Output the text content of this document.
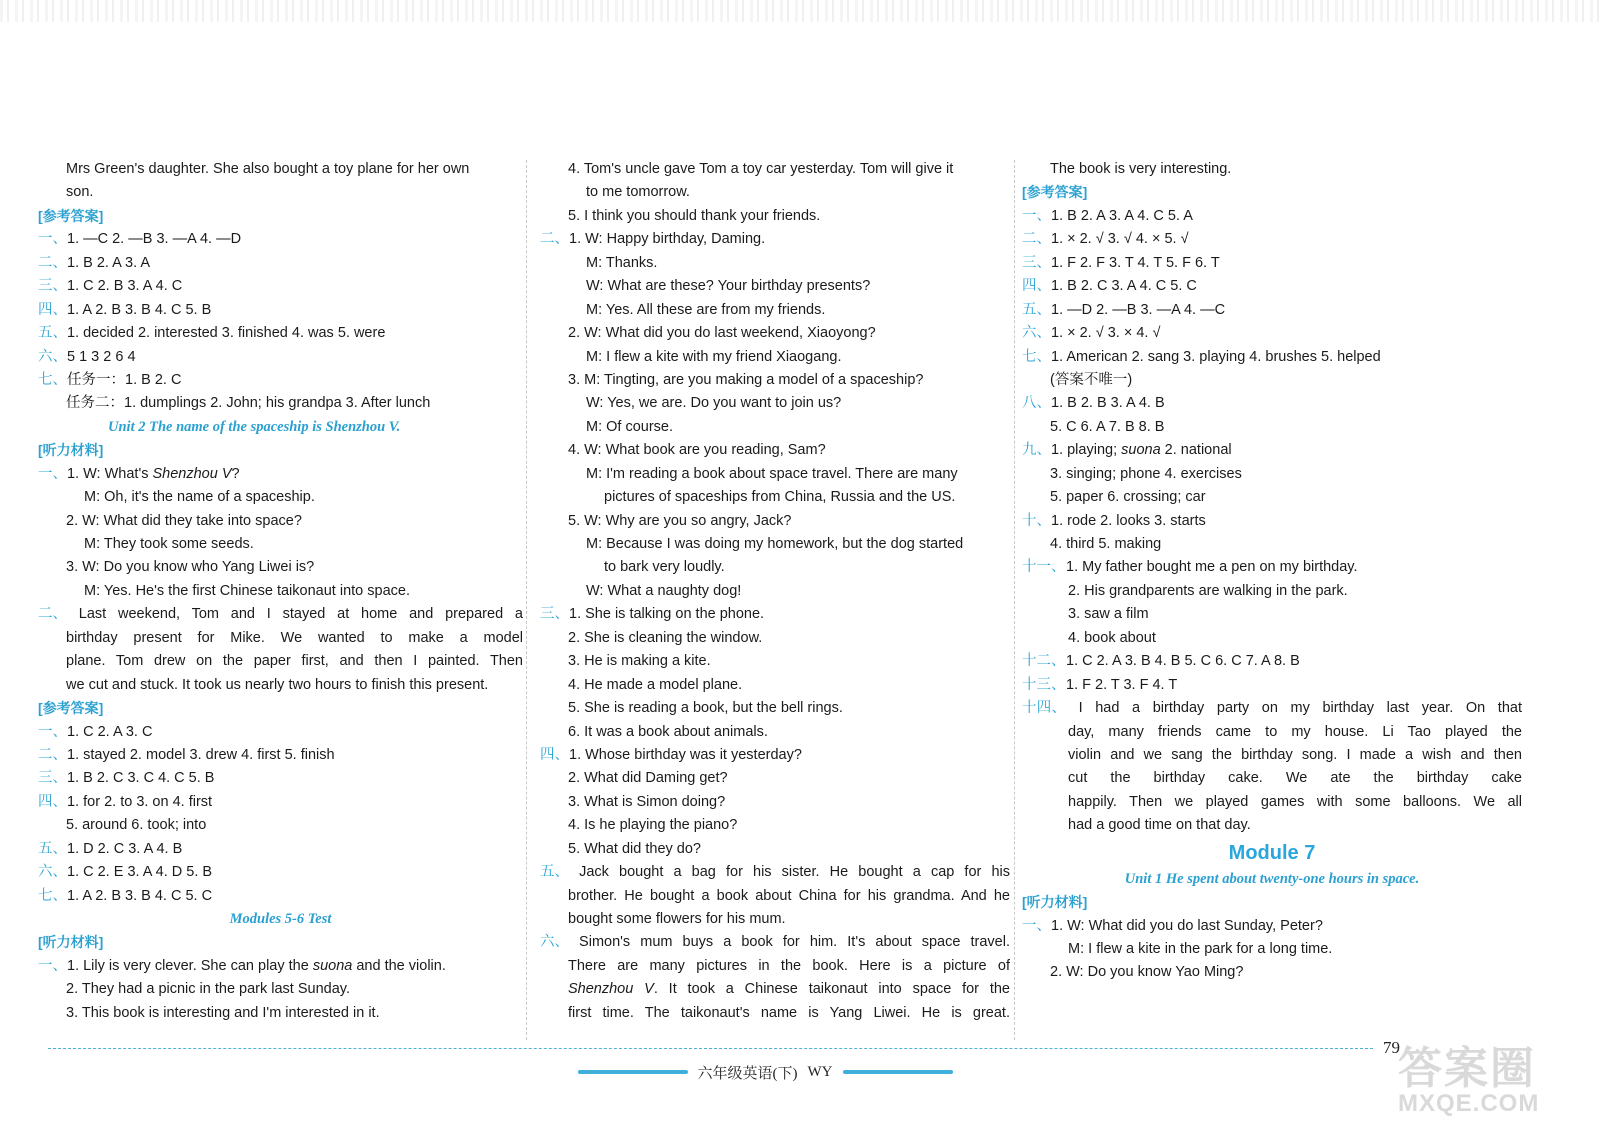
Mrs Green's daughter. She also bought a toy plane for her own
son.
[参考答案]
一、1. —C 2. —B 3. —A 4. —D
二、1. B 2. A 3. A
三、1. C 2. B 3. A 4. C
四、1. A 2. B 3. B 4. C 5. B
五、1. decided 2. interested 3. finished 4. was 5. were
六、5 1 3 2 6 4
七、任务一：1. B 2. C
任务二：1. dumplings 2. John; his grandpa 3. After lunch
Unit 2 The name of the spaceship is Shenzhou V.
[听力材料]
一、1. W: What's Shenzhou V?
M: Oh, it's the name of a spaceship.
2. W: What did they take into space?
M: They took some seeds.
3. W: Do you know who Yang Liwei is?
M: Yes. He's the first Chinese taikonaut into space.
二、 Last weekend, Tom and I stayed at home and prepared a
birthday present for Mike. We wanted to make a model
plane. Tom drew on the paper first, and then I painted. Then
we cut and stuck. It took us nearly two hours to finish this present.
[参考答案]
一、1. C 2. A 3. C
二、1. stayed 2. model 3. drew 4. first 5. finish
三、1. B 2. C 3. C 4. C 5. B
四、1. for 2. to 3. on 4. first
5. around 6. took; into
五、1. D 2. C 3. A 4. B
六、1. C 2. E 3. A 4. D 5. B
七、1. A 2. B 3. B 4. C 5. C
Modules 5-6 Test
[听力材料]
一、1. Lily is very clever. She can play the suona and the violin.
2. They had a picnic in the park last Sunday.
3. This book is interesting and I'm interested in it.
4. Tom's uncle gave Tom a toy car yesterday. Tom will give it
to me tomorrow.
5. I think you should thank your friends.
二、1. W: Happy birthday, Daming.
M: Thanks.
W: What are these? Your birthday presents?
M: Yes. All these are from my friends.
2. W: What did you do last weekend, Xiaoyong?
M: I flew a kite with my friend Xiaogang.
3. M: Tingting, are you making a model of a spaceship?
W: Yes, we are. Do you want to join us?
M: Of course.
4. W: What book are you reading, Sam?
M: I'm reading a book about space travel. There are many
pictures of spaceships from China, Russia and the US.
5. W: Why are you so angry, Jack?
M: Because I was doing my homework, but the dog started
to bark very loudly.
W: What a naughty dog!
三、1. She is talking on the phone.
2. She is cleaning the window.
3. He is making a kite.
4. He made a model plane.
5. She is reading a book, but the bell rings.
6. It was a book about animals.
四、1. Whose birthday was it yesterday?
2. What did Daming get?
3. What is Simon doing?
4. Is he playing the piano?
5. What did they do?
五、 Jack bought a bag for his sister. He bought a cap for his
brother. He bought a book about China for his grandma. And he
bought some flowers for his mum.
六、 Simon's mum buys a book for him. It's about space travel.
There are many pictures in the book. Here is a picture of
Shenzhou V. It took a Chinese taikonaut into space for the
first time. The taikonaut's name is Yang Liwei. He is great.
The book is very interesting.
[参考答案]
一、1. B 2. A 3. A 4. C 5. A
二、1. × 2. √ 3. √ 4. × 5. √
三、1. F 2. F 3. T 4. T 5. F 6. T
四、1. B 2. C 3. A 4. C 5. C
五、1. —D 2. —B 3. —A 4. —C
六、1. × 2. √ 3. × 4. √
七、1. American 2. sang 3. playing 4. brushes 5. helped
(答案不唯一)
八、1. B 2. B 3. A 4. B
5. C 6. A 7. B 8. B
九、1. playing; suona 2. national
3. singing; phone 4. exercises
5. paper 6. crossing; car
十、1. rode 2. looks 3. starts
4. third 5. making
十一、1. My father bought me a pen on my birthday.
2. His grandparents are walking in the park.
3. saw a film
4. book about
十二、1. C 2. A 3. B 4. B 5. C 6. C 7. A 8. B
十三、1. F 2. T 3. F 4. T
十四、 I had a birthday party on my birthday last year. On that
day, many friends came to my house. Li Tao played the
violin and we sang the birthday song. I made a wish and then
cut the birthday cake. We ate the birthday cake
happily. Then we played games with some balloons. We all
had a good time on that day.
Module 7
Unit 1 He spent about twenty-one hours in space.
[听力材料]
一、1. W: What did you do last Sunday, Peter?
M: I flew a kite in the park for a long time.
2. W: Do you know Yao Ming?
79
六年级英语(下) WY	答案圈
MXQE.COM
